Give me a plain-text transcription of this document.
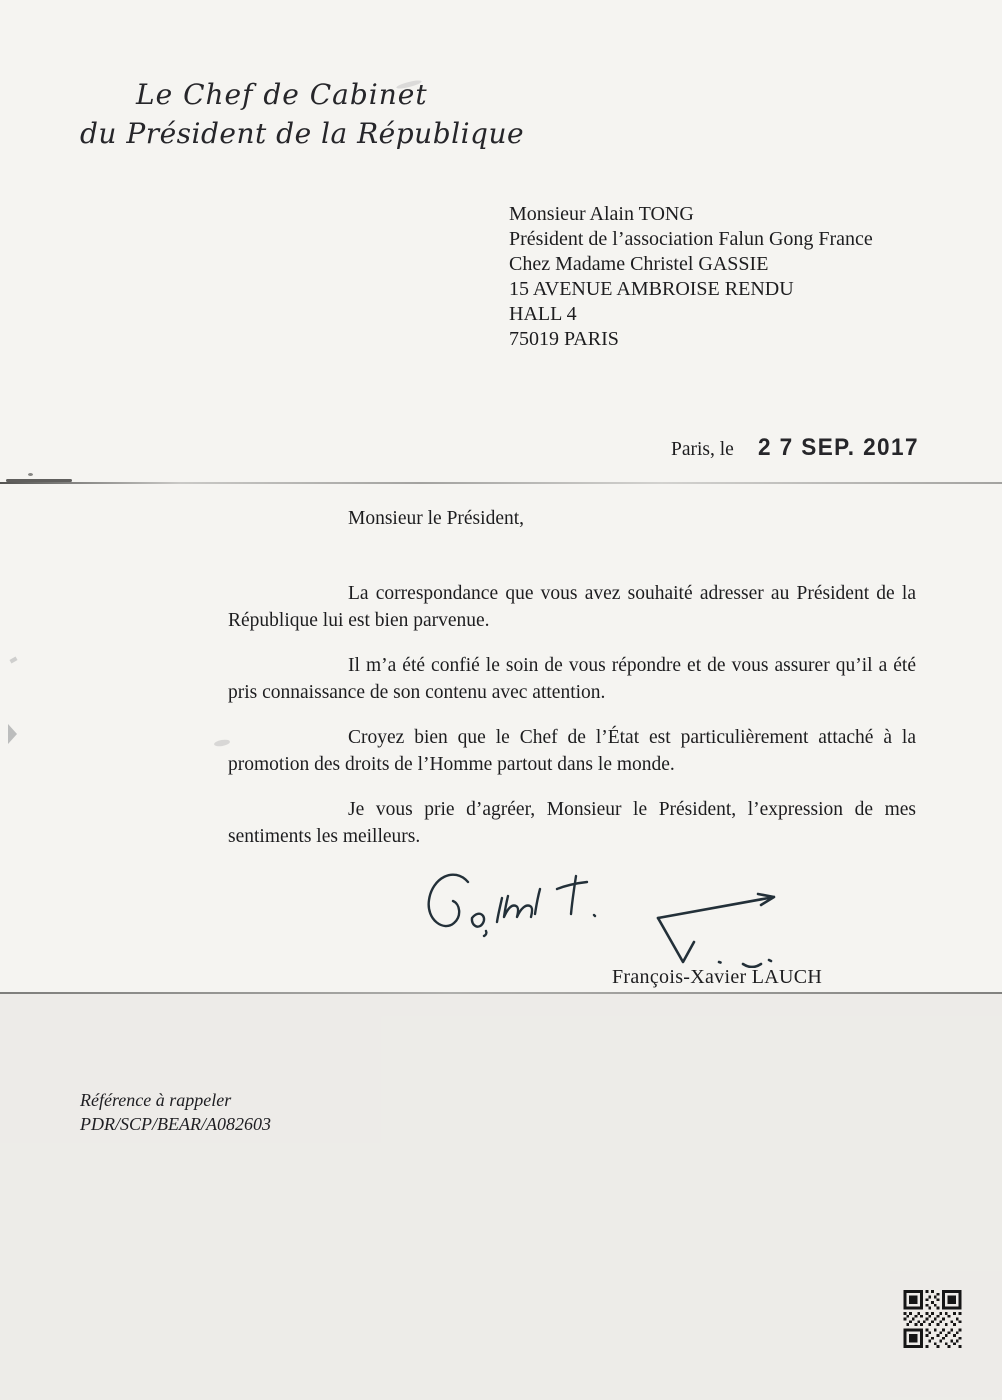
Le Chef de Cabinet
du Président de la République
Monsieur Alain TONG
Président de l’association Falun Gong France
Chez Madame Christel GASSIE
15 AVENUE AMBROISE RENDU
HALL 4
75019 PARIS
Paris, le 2 7 SEP. 2017

Monsieur le Président,

La correspondance que vous avez souhaité adresser au Président de la République lui est bien parvenue.

Il m’a été confié le soin de vous répondre et de vous assurer qu’il a été pris connaissance de son contenu avec attention.

Croyez bien que le Chef de l’État est particulièrement attaché à la promotion des droits de l’Homme partout dans le monde.

Je vous prie d’agréer, Monsieur le Président, l’expression de mes sentiments les meilleurs.

François-Xavier LAUCH
Référence à rappeler
PDR/SCP/BEAR/A082603
